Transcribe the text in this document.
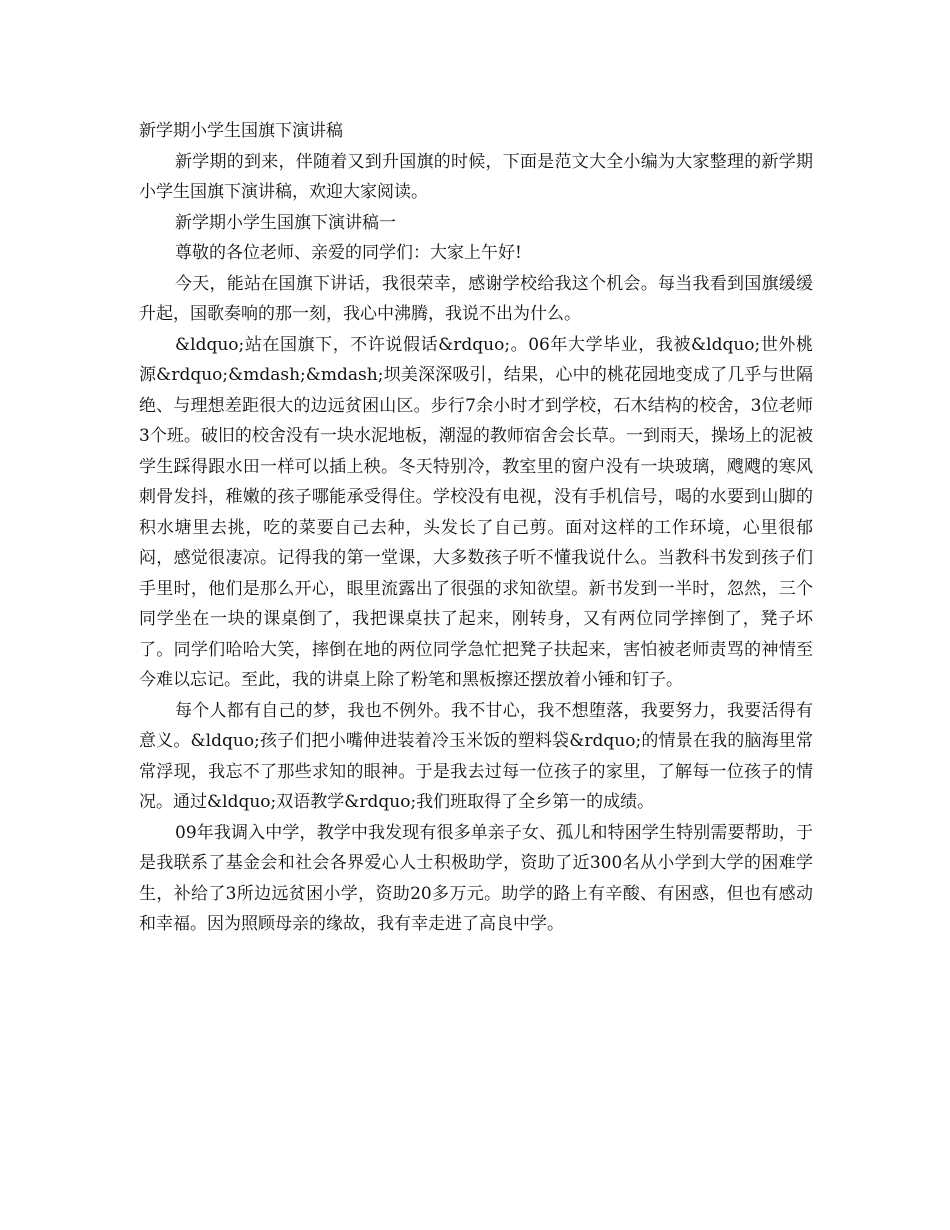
新学期小学生国旗下演讲稿

新学期的到来，伴随着又到升国旗的时候，下面是范文大全小编为大家整理的新学期小学生国旗下演讲稿，欢迎大家阅读。

新学期小学生国旗下演讲稿一

尊敬的各位老师、亲爱的同学们：大家上午好!

今天，能站在国旗下讲话，我很荣幸，感谢学校给我这个机会。每当我看到国旗缓缓升起，国歌奏响的那一刻，我心中沸腾，我说不出为什么。

&ldquo;站在国旗下，不许说假话&rdquo;。06年大学毕业，我被&ldquo;世外桃源&rdquo;&mdash;&mdash;坝美深深吸引，结果，心中的桃花园地变成了几乎与世隔绝、与理想差距很大的边远贫困山区。步行7余小时才到学校，石木结构的校舍，3位老师3个班。破旧的校舍没有一块水泥地板，潮湿的教师宿舍会长草。一到雨天，操场上的泥被学生踩得跟水田一样可以插上秧。冬天特别冷，教室里的窗户没有一块玻璃，飕飕的寒风刺骨发抖，稚嫩的孩子哪能承受得住。学校没有电视，没有手机信号，喝的水要到山脚的积水塘里去挑，吃的菜要自己去种，头发长了自己剪。面对这样的工作环境，心里很郁闷，感觉很凄凉。记得我的第一堂课，大多数孩子听不懂我说什么。当教科书发到孩子们手里时，他们是那么开心，眼里流露出了很强的求知欲望。新书发到一半时，忽然，三个同学坐在一块的课桌倒了，我把课桌扶了起来，刚转身，又有两位同学摔倒了，凳子坏了。同学们哈哈大笑，摔倒在地的两位同学急忙把凳子扶起来，害怕被老师责骂的神情至今难以忘记。至此，我的讲桌上除了粉笔和黑板擦还摆放着小锤和钉子。

每个人都有自己的梦，我也不例外。我不甘心，我不想堕落，我要努力，我要活得有意义。&ldquo;孩子们把小嘴伸进装着冷玉米饭的塑料袋&rdquo;的情景在我的脑海里常常浮现，我忘不了那些求知的眼神。于是我去过每一位孩子的家里，了解每一位孩子的情况。通过&ldquo;双语教学&rdquo;我们班取得了全乡第一的成绩。

09年我调入中学，教学中我发现有很多单亲子女、孤儿和特困学生特别需要帮助，于是我联系了基金会和社会各界爱心人士积极助学，资助了近300名从小学到大学的困难学生，补给了3所边远贫困小学，资助20多万元。助学的路上有辛酸、有困惑，但也有感动和幸福。因为照顾母亲的缘故，我有幸走进了高良中学。
